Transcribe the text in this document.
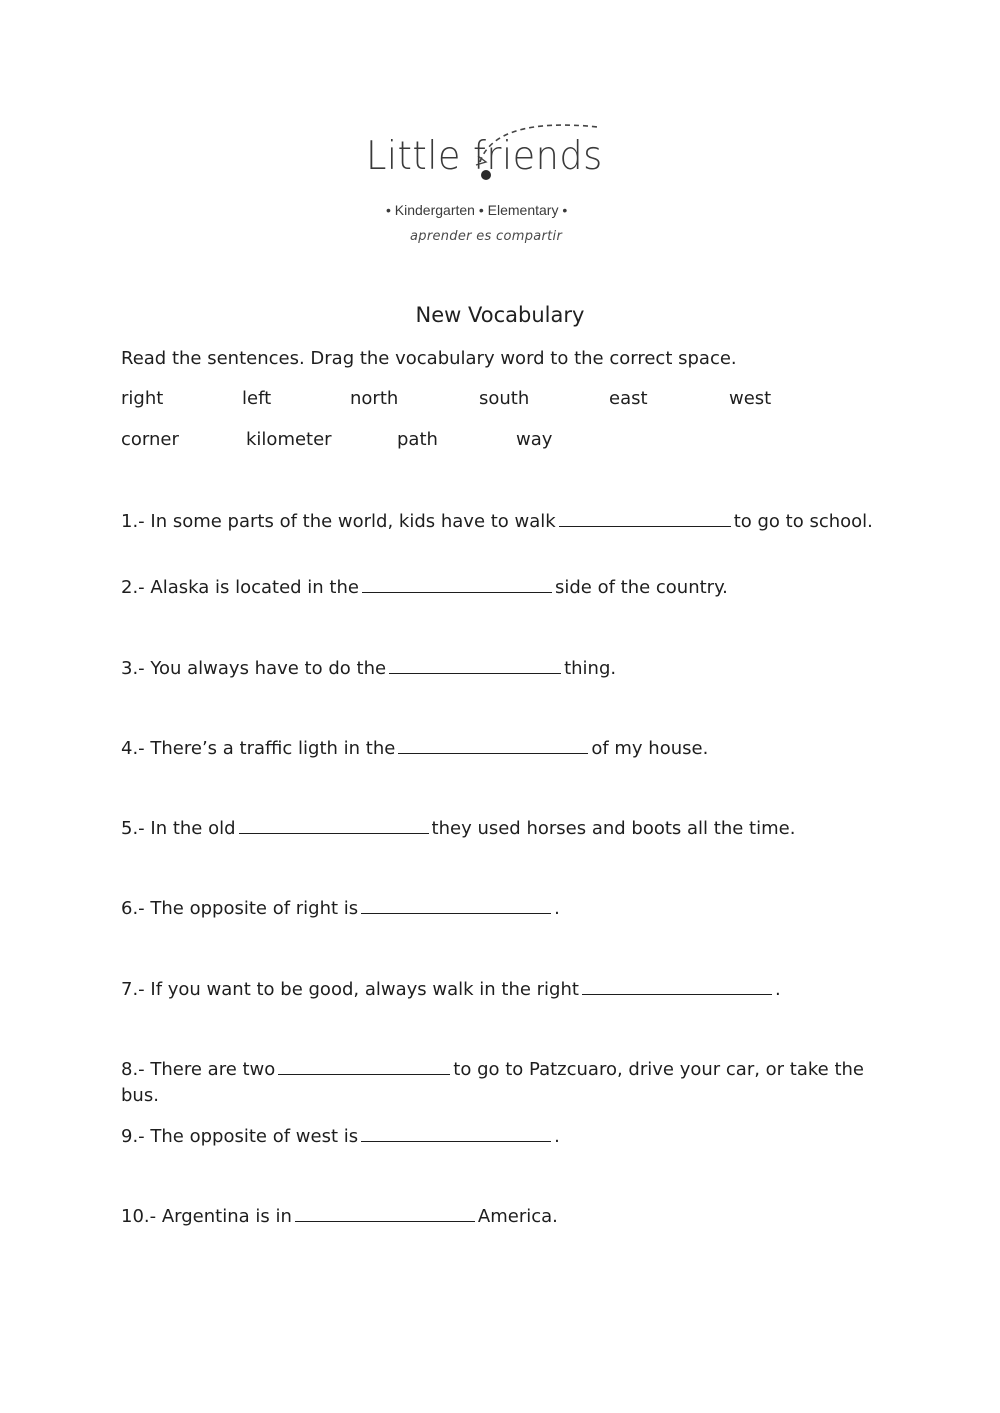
Little friends
• Kindergarten • Elementary •
aprender es compartir
New Vocabulary
Read the sentences. Drag the vocabulary word to the correct space.
right	left	north	south	east	west
corner	kilometer	path	way
1.- In some parts of the world, kids have to walk	to go to school.
2.- Alaska is located in the	side of the country.
3.- You always have to do the	thing.
4.- There’s a traffic ligth in the	of my house.
5.- In the old	they used horses and boots all the time.
6.- The opposite of right is	.
7.- If you want to be good, always walk in the right	.
8.- There are two	to go to Patzcuaro, drive your car, or take the bus.
9.- The opposite of west is	.
10.- Argentina is in	America.
